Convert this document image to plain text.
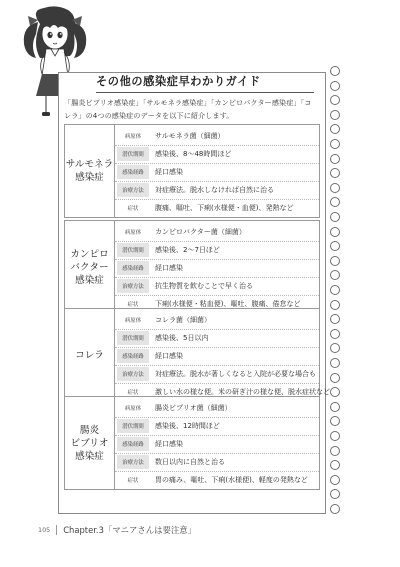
その他の感染症早わかりガイド
「腸炎ビブリオ感染症」「サルモネラ感染症」「カンピロバクター感染症」「コレラ」の4つの感染症のデータを以下に紹介します。
サルモネラ
感染症
病原体	サルモネラ菌（細菌）
潜伏期間	感染後、8～48時間ほど
感染経路	経口感染
治療方法	対症療法。脱水しなければ自然に治る
症状	腹痛、嘔吐、下痢(水様便・血便)、発熱など
カンピロ
バクター
感染症
病原体	カンピロバクター菌（細菌）
潜伏期間	感染後、2～7日ほど
感染経路	経口感染
治療方法	抗生物質を飲むことで早く治る
症状	下痢(水様便・粘血便)、嘔吐、腹痛、倦怠など
コレラ
病原体	コレラ菌（細菌）
潜伏期間	感染後、5日以内
感染経路	経口感染
治療方法	対症療法。脱水が著しくなると入院が必要な場合も
症状	激しい水の様な便。米の研ぎ汁の様な便、脱水症状など
腸炎
ビブリオ
感染症
病原体	腸炎ビブリオ菌（細菌）
潜伏期間	感染後、12時間ほど
感染経路	経口感染
治療方法	数日以内に自然と治る
症状	胃の痛み、嘔吐、下痢(水様便)、軽度の発熱など
105 Chapter.3「マニアさんは要注意」
